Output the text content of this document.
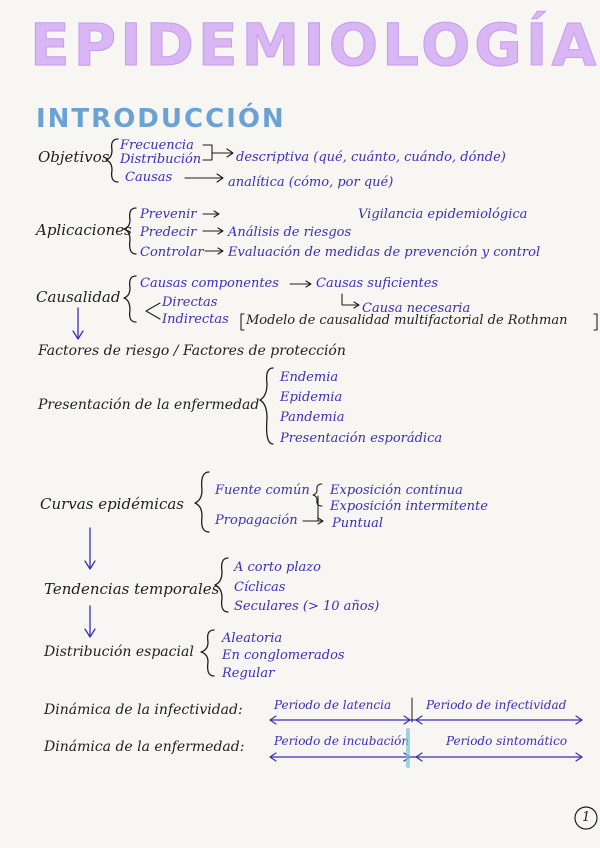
EPIDEMIOLOGÍA
INTRODUCCIÓN
Objetivos
Frecuencia
Distribución
Causas
descriptiva (qué, cuánto, cuándo, dónde)
analítica (cómo, por qué)
Aplicaciones
Prevenir
Predecir
Controlar
Vigilancia epidemiológica
Análisis de riesgos
Evaluación de medidas de prevención y control
Causalidad
Causas componentes	Causas suficientes
Causa necesaria
Directas
Indirectas Modelo de causalidad multifactorial de Rothman
Factores de riesgo / Factores de protección
Presentación de la enfermedad
Endemia
Epidemia
Pandemia
Presentación esporádica
Curvas epidémicas
Fuente común
Propagación
Exposición continua
Exposición intermitente
Puntual
Tendencias temporales
A corto plazo
Cíclicas
Seculares (> 10 años)
Distribución espacial
Aleatoria
En conglomerados
Regular
Dinámica de la infectividad:	Periodo de latencia	Periodo de infectividad
Dinámica de la enfermedad: Periodo de incubación	Periodo sintomático
1
